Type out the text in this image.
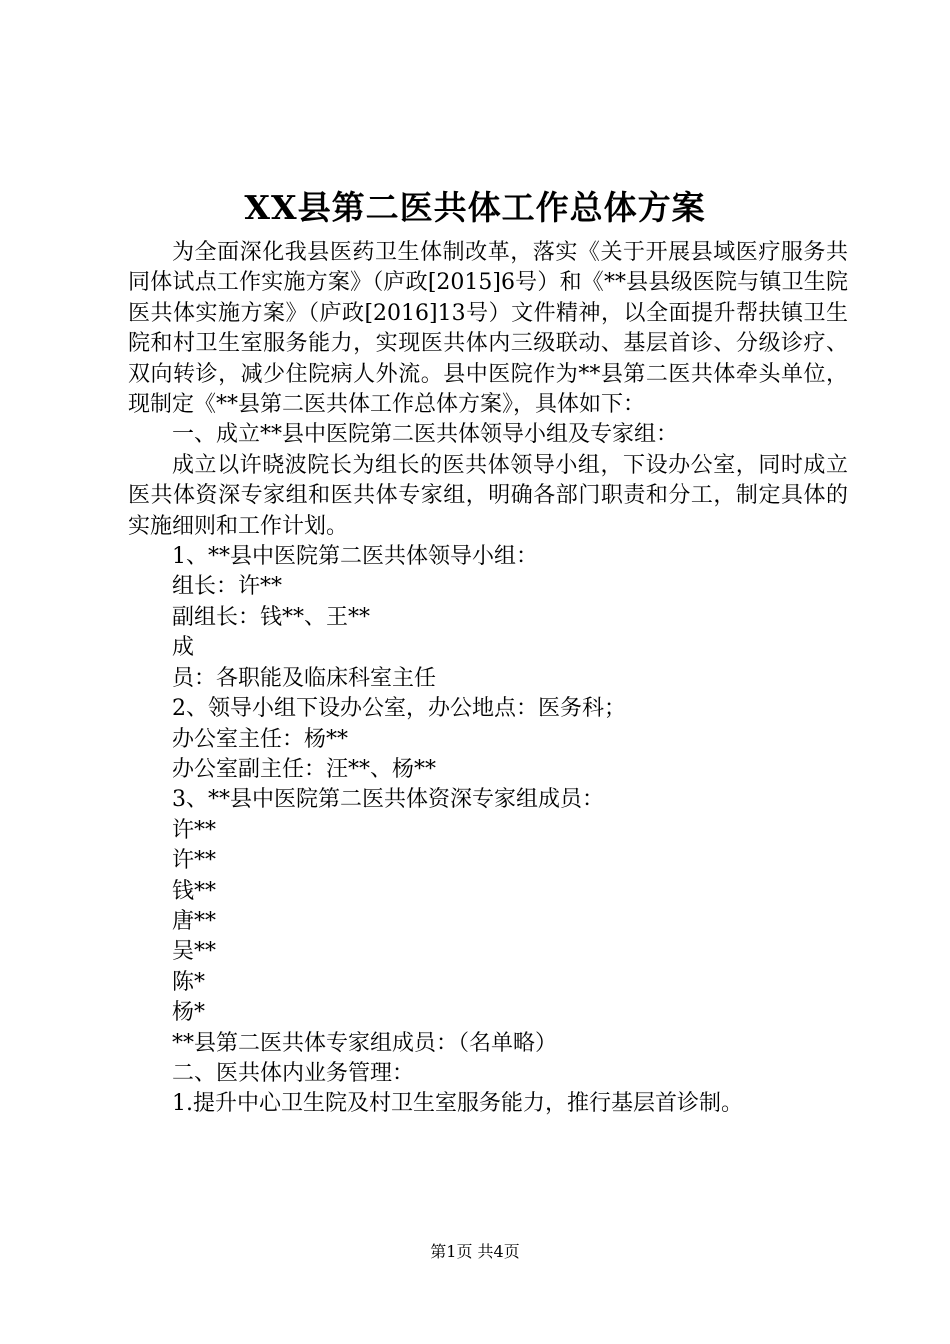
XX县第二医共体工作总体方案

为全面深化我县医药卫生体制改革，落实《关于开展县域医疗服务共同体试点工作实施方案》（庐政[2015]6号）和《**县县级医院与镇卫生院医共体实施方案》（庐政[2016]13号）文件精神，以全面提升帮扶镇卫生院和村卫生室服务能力，实现医共体内三级联动、基层首诊、分级诊疗、双向转诊，减少住院病人外流。县中医院作为**县第二医共体牵头单位，现制定《**县第二医共体工作总体方案》，具体如下：

一、成立**县中医院第二医共体领导小组及专家组：

成立以许晓波院长为组长的医共体领导小组，下设办公室，同时成立医共体资深专家组和医共体专家组，明确各部门职责和分工，制定具体的实施细则和工作计划。

1、**县中医院第二医共体领导小组：

组长：许**

副组长：钱**、王**

成

员：各职能及临床科室主任

2、领导小组下设办公室，办公地点：医务科；

办公室主任：杨**

办公室副主任：汪**、杨**

3、**县中医院第二医共体资深专家组成员：

许**

许**

钱**

唐**

吴**

陈*

杨*

**县第二医共体专家组成员：（名单略）

二、医共体内业务管理：

1.提升中心卫生院及村卫生室服务能力，推行基层首诊制。

第1页 共4页
